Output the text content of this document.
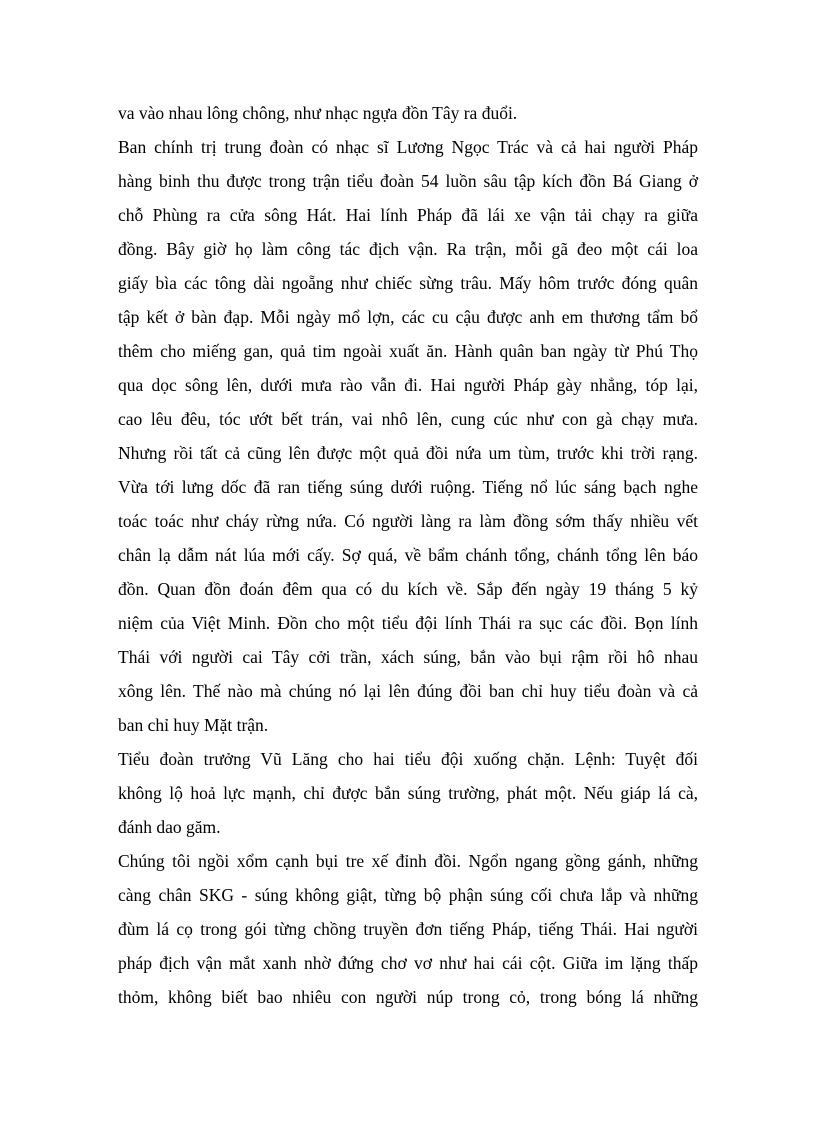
va vào nhau lông chông, như nhạc ngựa đồn Tây ra đuổi.
Ban chính trị trung đoàn có nhạc sĩ Lương Ngọc Trác và cả hai người Pháp
hàng binh thu được trong trận tiểu đoàn 54 luồn sâu tập kích đồn Bá Giang ở
chỗ Phùng ra cửa sông Hát. Hai lính Pháp đã lái xe vận tải chạy ra giữa
đồng. Bây giờ họ làm công tác địch vận. Ra trận, mỗi gã đeo một cái loa
giấy bìa các tông dài ngoẵng như chiếc sừng trâu. Mấy hôm trước đóng quân
tập kết ở bàn đạp. Mỗi ngày mổ lợn, các cu cậu được anh em thương tẩm bổ
thêm cho miếng gan, quả tim ngoài xuất ăn. Hành quân ban ngày từ Phú Thọ
qua dọc sông lên, dưới mưa rào vẫn đi. Hai người Pháp gày nhẳng, tóp lại,
cao lêu đêu, tóc ướt bết trán, vai nhô lên, cung cúc như con gà chạy mưa.
Nhưng rồi tất cả cũng lên được một quả đồi nứa um tùm, trước khi trời rạng.
Vừa tới lưng dốc đã ran tiếng súng dưới ruộng. Tiếng nổ lúc sáng bạch nghe
toác toác như cháy rừng nứa. Có người làng ra làm đồng sớm thấy nhiều vết
chân lạ dẫm nát lúa mới cấy. Sợ quá, về bẩm chánh tổng, chánh tổng lên báo
đồn. Quan đồn đoán đêm qua có du kích về. Sắp đến ngày 19 tháng 5 kỷ
niệm của Việt Minh. Đồn cho một tiểu đội lính Thái ra sục các đồi. Bọn lính
Thái với người cai Tây cởi trần, xách súng, bắn vào bụi rậm rồi hô nhau
xông lên. Thế nào mà chúng nó lại lên đúng đồi ban chỉ huy tiểu đoàn và cả
ban chỉ huy Mặt trận.
Tiểu đoàn trưởng Vũ Lăng cho hai tiểu đội xuống chặn. Lệnh: Tuyệt đối
không lộ hoả lực mạnh, chỉ được bắn súng trường, phát một. Nếu giáp lá cà,
đánh dao găm.
Chúng tôi ngồi xổm cạnh bụi tre xế đỉnh đồi. Ngổn ngang gồng gánh, những
càng chân SKG - súng không giật, từng bộ phận súng cối chưa lắp và những
đùm lá cọ trong gói từng chồng truyền đơn tiếng Pháp, tiếng Thái. Hai người
pháp địch vận mắt xanh nhờ đứng chơ vơ như hai cái cột. Giữa im lặng thấp
thỏm, không biết bao nhiêu con người núp trong cỏ, trong bóng lá những
